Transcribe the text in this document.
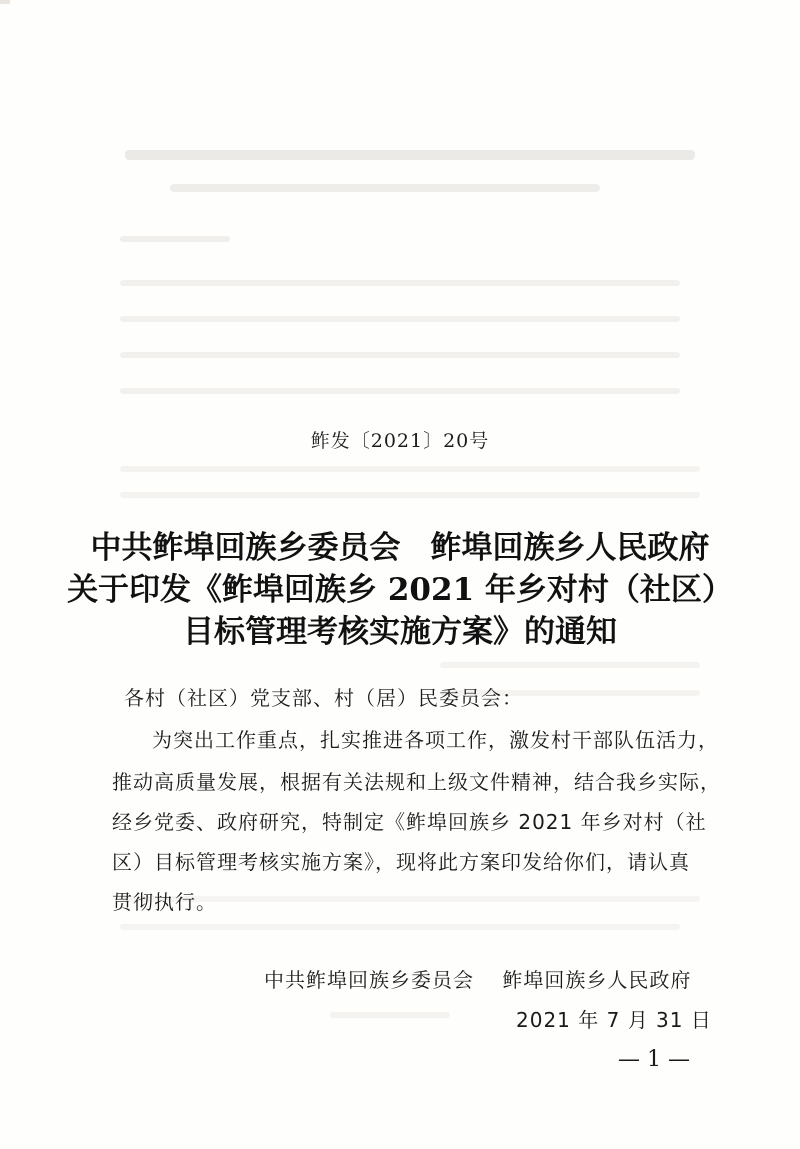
鲊发〔2021〕20号
中共鲊埠回族乡委员会 鲊埠回族乡人民政府
关于印发《鲊埠回族乡 2021 年乡对村（社区）
目标管理考核实施方案》的通知
各村（社区）党支部、村（居）民委员会：
为突出工作重点，扎实推进各项工作，激发村干部队伍活力，
推动高质量发展，根据有关法规和上级文件精神，结合我乡实际，
经乡党委、政府研究，特制定《鲊埠回族乡 2021 年乡对村（社
区）目标管理考核实施方案》，现将此方案印发给你们，请认真
贯彻执行。
中共鲊埠回族乡委员会　 鲊埠回族乡人民政府
2021 年 7 月 31 日
— 1 —
